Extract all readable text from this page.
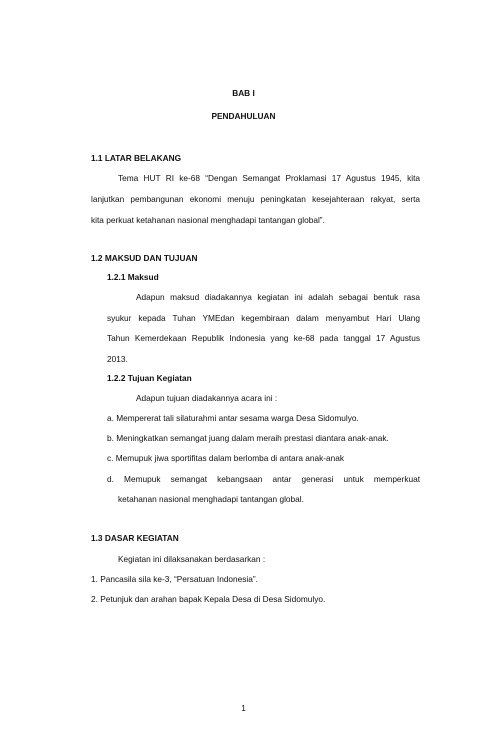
BAB I

PENDAHULUAN

1.1 LATAR BELAKANG

Tema HUT RI ke-68 “Dengan Semangat Proklamasi 17 Agustus 1945, kita

lanjutkan pembangunan ekonomi menuju peningkatan kesejahteraan rakyat, serta

kita perkuat ketahanan nasional menghadapi tantangan global”.

1.2 MAKSUD DAN TUJUAN

1.2.1 Maksud

Adapun maksud diadakannya kegiatan ini adalah sebagai bentuk rasa

syukur kepada Tuhan YMEdan kegembiraan dalam menyambut Hari Ulang

Tahun Kemerdekaan Republik Indonesia yang ke-68 pada tanggal 17 Agustus

2013.

1.2.2 Tujuan Kegiatan

Adapun tujuan diadakannya acara ini :

a. Mempererat tali silaturahmi antar sesama warga Desa Sidomulyo.

b. Meningkatkan semangat juang dalam meraih prestasi diantara anak-anak.

c. Memupuk jiwa sportifitas dalam berlomba di antara anak-anak

d. Memupuk semangat kebangsaan antar generasi untuk memperkuat

ketahanan nasional menghadapi tantangan global.

1.3 DASAR KEGIATAN

Kegiatan ini dilaksanakan berdasarkan :

1. Pancasila sila ke-3, “Persatuan Indonesia”.

2. Petunjuk dan arahan bapak Kepala Desa di Desa Sidomulyo.

1
